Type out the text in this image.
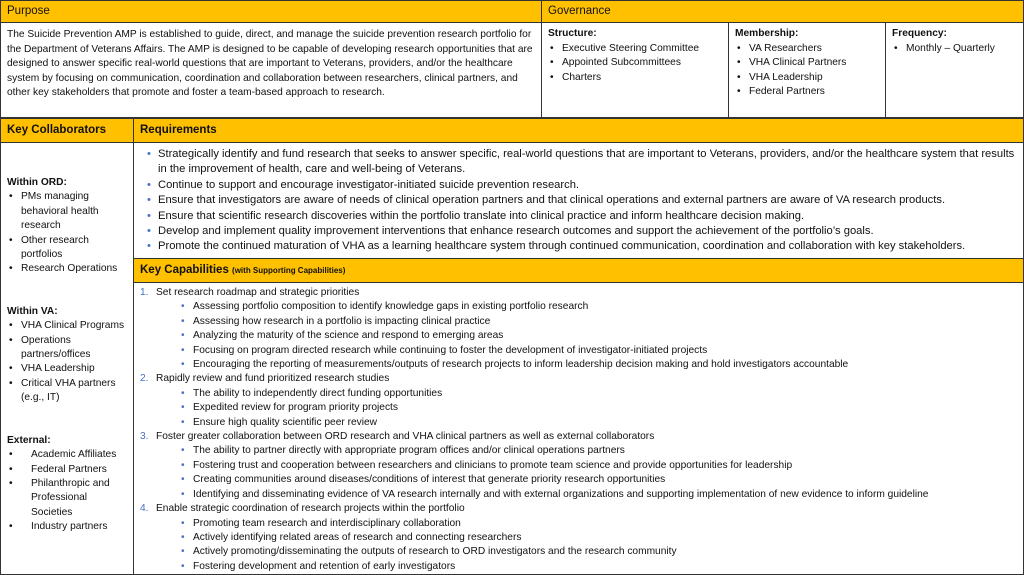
Purpose	Governance
The Suicide Prevention AMP is established to guide, direct, and manage the suicide prevention research portfolio for the Department of Veterans Affairs. The AMP is designed to be capable of developing research opportunities that are designed to answer specific real-world questions that are important to Veterans, providers, and/or the healthcare system by focusing on communication, coordination and collaboration between researchers, clinical partners, and other key stakeholders that promote and foster a team-based approach to research.
Structure:
• Executive Steering Committee
• Appointed Subcommittees
• Charters
Membership:
• VA Researchers
• VHA Clinical Partners
• VHA Leadership
• Federal Partners
Frequency:
• Monthly – Quarterly
Key Collaborators	Requirements
Within ORD:
• PMs managing behavioral health research
• Other research portfolios
• Research Operations
Within VA:
• VHA Clinical Programs
• Operations partners/offices
• VHA Leadership
• Critical VHA partners (e.g., IT)
External:
• Academic Affiliates
• Federal Partners
• Philanthropic and Professional Societies
• Industry partners
• Strategically identify and fund research that seeks to answer specific, real-world questions that are important to Veterans, providers, and/or the healthcare system that results in the improvement of health, care and well-being of Veterans.
• Continue to support and encourage investigator-initiated suicide prevention research.
• Ensure that investigators are aware of needs of clinical operation partners and that clinical operations and external partners are aware of VA research products.
• Ensure that scientific research discoveries within the portfolio translate into clinical practice and inform healthcare decision making.
• Develop and implement quality improvement interventions that enhance research outcomes and support the achievement of the portfolio’s goals.
• Promote the continued maturation of VHA as a learning healthcare system through continued communication, coordination and collaboration with key stakeholders.
Key Capabilities (with Supporting Capabilities)
1. Set research roadmap and strategic priorities
• Assessing portfolio composition to identify knowledge gaps in existing portfolio research
• Assessing how research in a portfolio is impacting clinical practice
• Analyzing the maturity of the science and respond to emerging areas
• Focusing on program directed research while continuing to foster the development of investigator-initiated projects
• Encouraging the reporting of measurements/outputs of research projects to inform leadership decision making and hold investigators accountable
2. Rapidly review and fund prioritized research studies
• The ability to independently direct funding opportunities
• Expedited review for program priority projects
• Ensure high quality scientific peer review
3. Foster greater collaboration between ORD research and VHA clinical partners as well as external collaborators
• The ability to partner directly with appropriate program offices and/or clinical operations partners
• Fostering trust and cooperation between researchers and clinicians to promote team science and provide opportunities for leadership
• Creating communities around diseases/conditions of interest that generate priority research opportunities
• Identifying and disseminating evidence of VA research internally and with external organizations and supporting implementation of new evidence to inform guideline
4. Enable strategic coordination of research projects within the portfolio
• Promoting team research and interdisciplinary collaboration
• Actively identifying related areas of research and connecting researchers
• Actively promoting/disseminating the outputs of research to ORD investigators and the research community
• Fostering development and retention of early investigators
